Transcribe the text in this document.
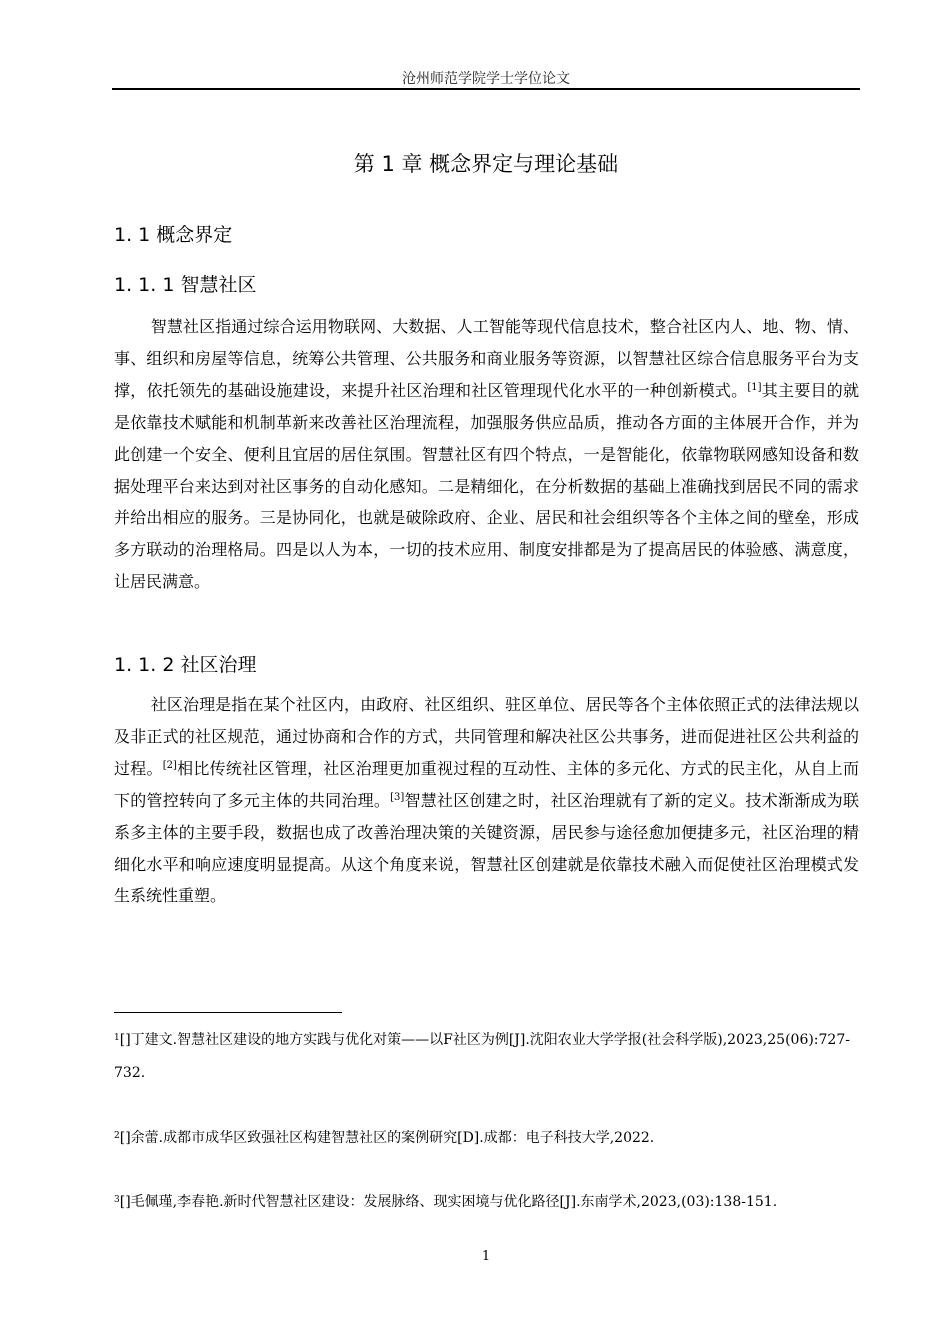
沧州师范学院学士学位论文
第 1 章 概念界定与理论基础
1. 1 概念界定
1. 1. 1 智慧社区

智慧社区指通过综合运用物联网、大数据、人工智能等现代信息技术，整合社区内人、地、物、情、事、组织和房屋等信息，统筹公共管理、公共服务和商业服务等资源，以智慧社区综合信息服务平台为支撑，依托领先的基础设施建设，来提升社区治理和社区管理现代化水平的一种创新模式。[1]其主要目的就是依靠技术赋能和机制革新来改善社区治理流程，加强服务供应品质，推动各方面的主体展开合作，并为此创建一个安全、便利且宜居的居住氛围。智慧社区有四个特点，一是智能化，依靠物联网感知设备和数据处理平台来达到对社区事务的自动化感知。二是精细化，在分析数据的基础上准确找到居民不同的需求并给出相应的服务。三是协同化，也就是破除政府、企业、居民和社会组织等各个主体之间的壁垒，形成多方联动的治理格局。四是以人为本，一切的技术应用、制度安排都是为了提高居民的体验感、满意度，让居民满意。

1. 1. 2 社区治理

社区治理是指在某个社区内，由政府、社区组织、驻区单位、居民等各个主体依照正式的法律法规以及非正式的社区规范，通过协商和合作的方式，共同管理和解决社区公共事务，进而促进社区公共利益的过程。[2]相比传统社区管理，社区治理更加重视过程的互动性、主体的多元化、方式的民主化，从自上而下的管控转向了多元主体的共同治理。[3]智慧社区创建之时，社区治理就有了新的定义。技术渐渐成为联系多主体的主要手段，数据也成了改善治理决策的关键资源，居民参与途径愈加便捷多元，社区治理的精细化水平和响应速度明显提高。从这个角度来说，智慧社区创建就是依靠技术融入而促使社区治理模式发生系统性重塑。

$^1$[]丁建文.智慧社区建设的地方实践与优化对策——以F社区为例[J].沈阳农业大学学报(社会科学版),2023,25(06):727-732.

$^2$[]余蕾.成都市成华区致强社区构建智慧社区的案例研究[D].成都：电子科技大学,2022.

$^3$[]毛佩瑾,李春艳.新时代智慧社区建设：发展脉络、现实困境与优化路径[J].东南学术,2023,(03):138-151.

1
